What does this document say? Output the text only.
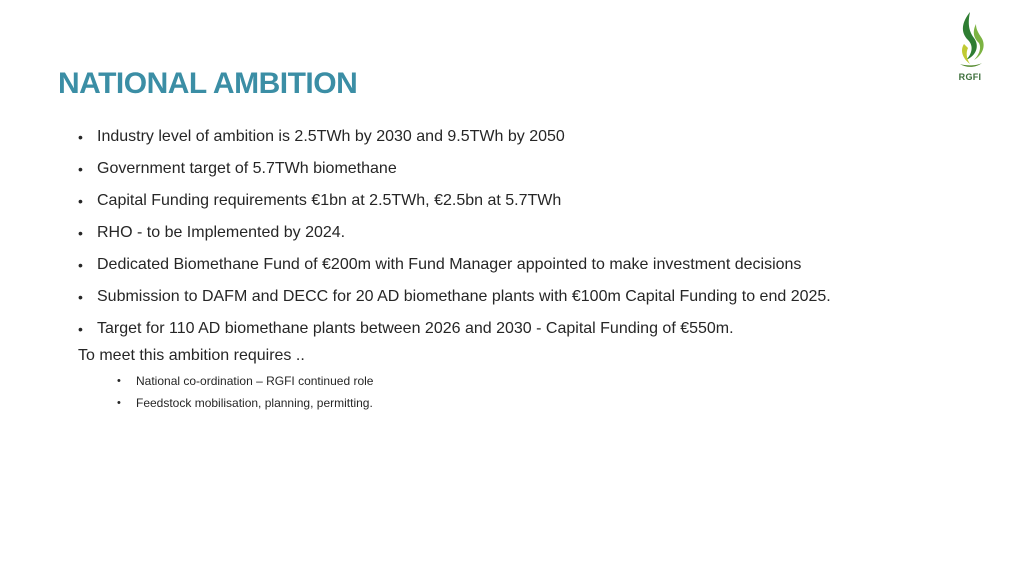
NATIONAL AMBITION	RGFI
• Industry level of ambition is 2.5TWh by 2030 and 9.5TWh by 2050
• Government target of 5.7TWh biomethane
• Capital Funding requirements €1bn at 2.5TWh, €2.5bn at 5.7TWh
• RHO - to be Implemented by 2024.
• Dedicated Biomethane Fund of €200m with Fund Manager appointed to make investment decisions
• Submission to DAFM and DECC for 20 AD biomethane plants with €100m Capital Funding to end 2025.
• Target for 110 AD biomethane plants between 2026 and 2030 - Capital Funding of €550m.
To meet this ambition requires ..
• National co-ordination – RGFI continued role
• Feedstock mobilisation, planning, permitting.
